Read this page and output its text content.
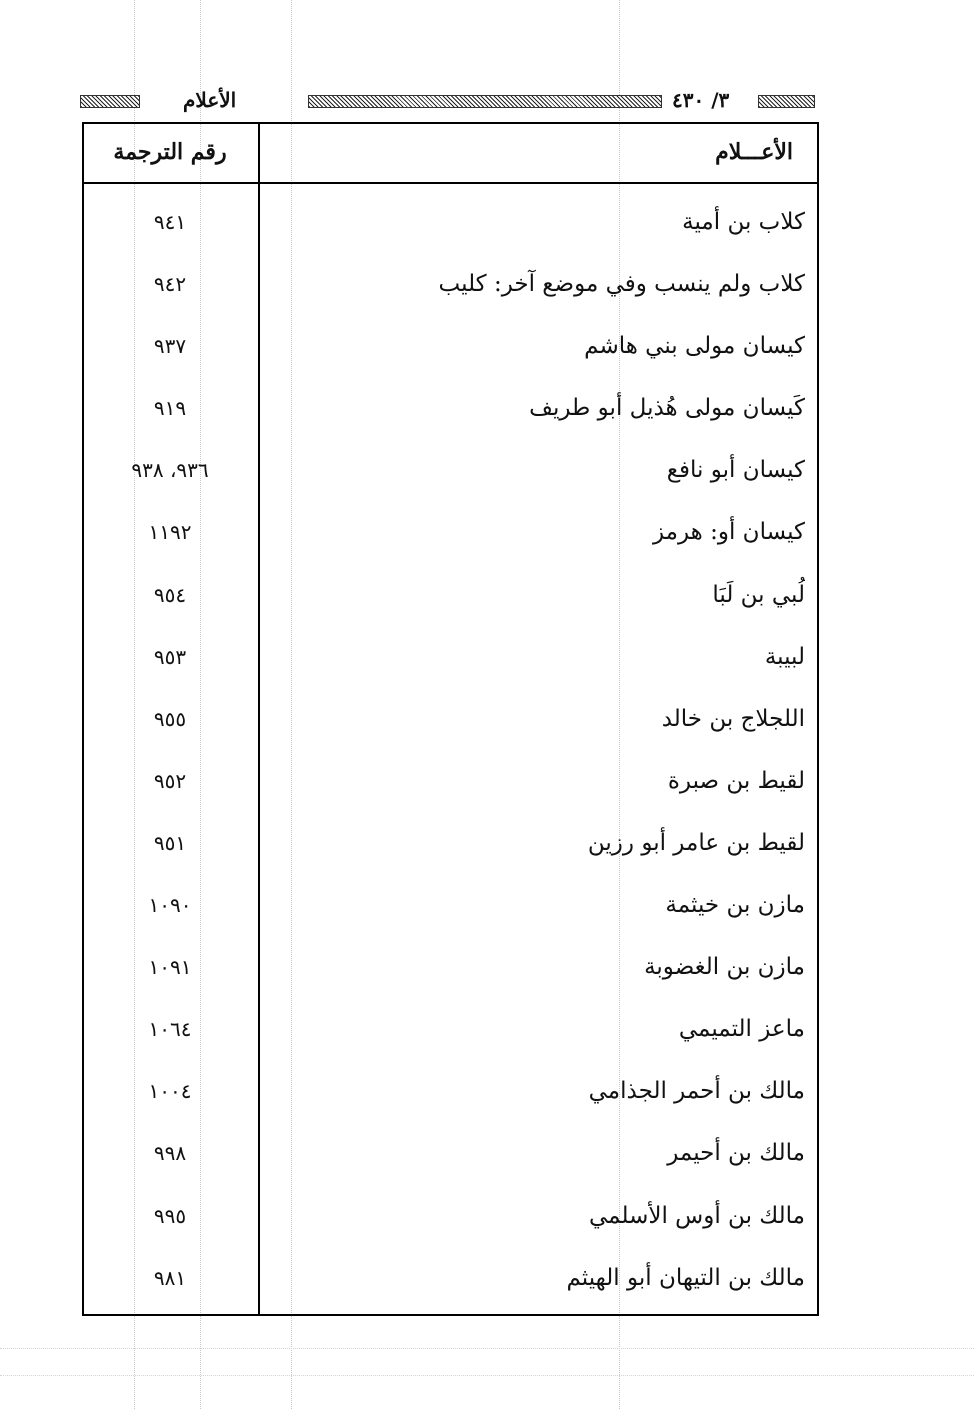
الأعلام	٣/ ٤٣٠
رقم الترجمة	الأعـــلام
كلاب بن أمية
٩٤١
كلاب ولم ينسب وفي موضع آخر: كليب
٩٤٢
كيسان مولى بني هاشم
٩٣٧
كَيسان مولى هُذيل أبو طريف
٩١٩
كيسان أبو نافع
٩٣٦، ٩٣٨
كيسان أو: هرمز
١١٩٢
لُبي بن لَبَا
٩٥٤
لبيبة
٩٥٣
اللجلاج بن خالد
٩٥٥
لقيط بن صبرة
٩٥٢
لقيط بن عامر أبو رزين
٩٥١
مازن بن خيثمة
١٠٩٠
مازن بن الغضوبة
١٠٩١
ماعز التميمي
١٠٦٤
مالك بن أحمر الجذامي
١٠٠٤
مالك بن أحيمر
٩٩٨
مالك بن أوس الأسلمي
٩٩٥
مالك بن التيهان أبو الهيثم
٩٨١
